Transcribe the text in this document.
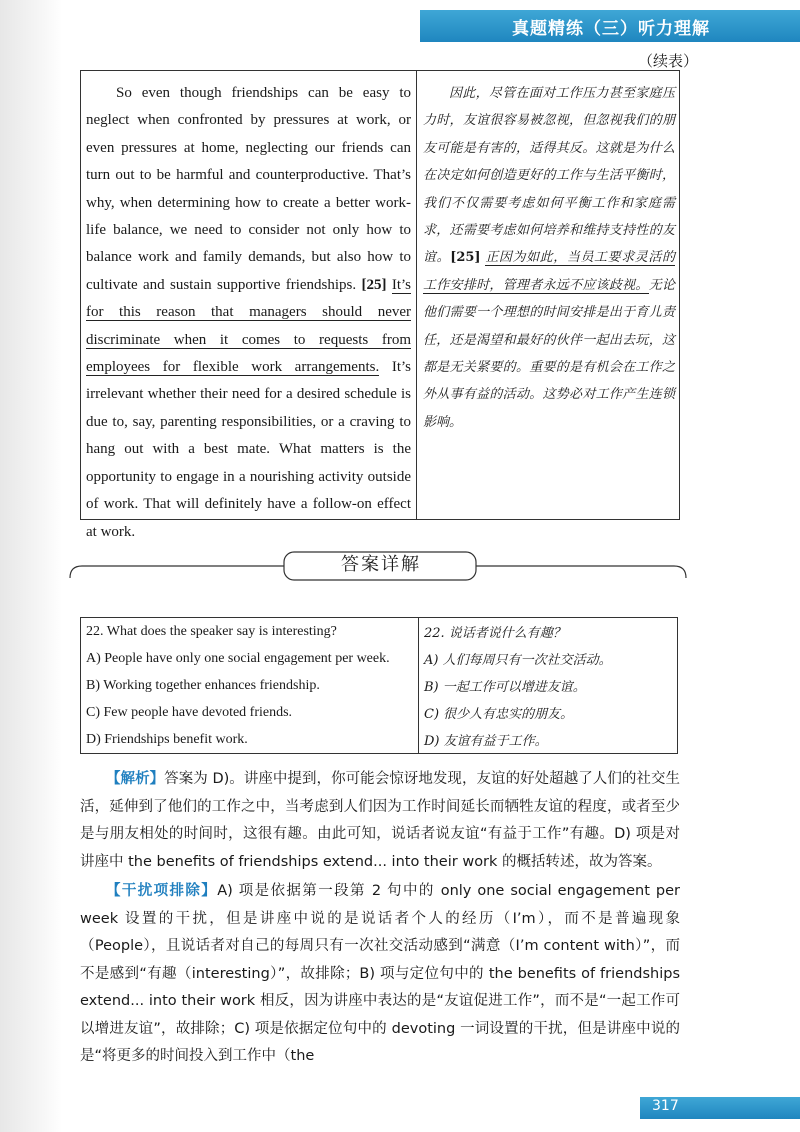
真题精练（三）听力理解
（续表）
So even though friendships can be easy to neglect when confronted by pressures at work, or even pressures at home, neglecting our friends can turn out to be harmful and counterproductive. That’s why, when determining how to create a better work-life balance, we need to consider not only how to balance work and family demands, but also how to cultivate and sustain supportive friendships. [25] It’s for this reason that managers should never discriminate when it comes to requests from employees for flexible work arrangements. It’s irrelevant whether their need for a desired schedule is due to, say, parenting responsibilities, or a craving to hang out with a best mate. What matters is the opportunity to engage in a nourishing activity outside of work. That will definitely have a follow-on effect at work.
因此，尽管在面对工作压力甚至家庭压力时，友谊很容易被忽视，但忽视我们的朋友可能是有害的，适得其反。这就是为什么在决定如何创造更好的工作与生活平衡时，我们不仅需要考虑如何平衡工作和家庭需求，还需要考虑如何培养和维持支持性的友谊。[25] 正因为如此，当员工要求灵活的工作安排时，管理者永远不应该歧视。无论他们需要一个理想的时间安排是出于育儿责任，还是渴望和最好的伙伴一起出去玩，这都是无关紧要的。重要的是有机会在工作之外从事有益的活动。这势必对工作产生连锁影响。
答案详解
22. What does the speaker say is interesting?	22. 说话者说什么有趣？
A) People have only one social engagement per week.	A) 人们每周只有一次社交活动。
B) Working together enhances friendship.	B) 一起工作可以增进友谊。
C) Few people have devoted friends.	C) 很少人有忠实的朋友。
D) Friendships benefit work.	D) 友谊有益于工作。
【解析】答案为 D)。讲座中提到，你可能会惊讶地发现，友谊的好处超越了人们的社交生活，延伸到了他们的工作之中，当考虑到人们因为工作时间延长而牺牲友谊的程度，或者至少是与朋友相处的时间时，这很有趣。由此可知，说话者说友谊“有益于工作”有趣。D) 项是对讲座中 the benefits of friendships extend... into their work 的概括转述，故为答案。
【干扰项排除】A) 项是依据第一段第 2 句中的 only one social engagement per week 设置的干扰，但是讲座中说的是说话者个人的经历（I’m），而不是普遍现象（People），且说话者对自己的每周只有一次社交活动感到“满意（I’m content with）”，而不是感到“有趣（interesting）”，故排除；B) 项与定位句中的 the benefits of friendships extend... into their work 相反，因为讲座中表达的是“友谊促进工作”，而不是“一起工作可以增进友谊”，故排除；C) 项是依据定位句中的 devoting 一词设置的干扰，但是讲座中说的是“将更多的时间投入到工作中（the
317
